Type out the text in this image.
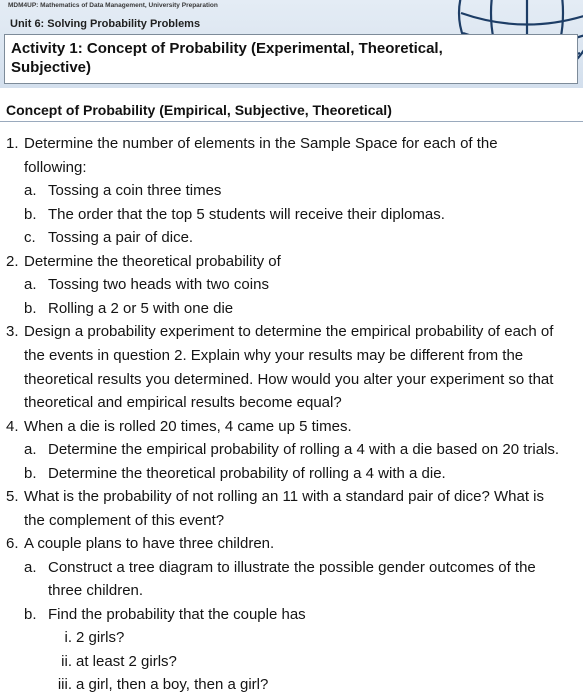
MDM4UP: Mathematics of Data Management, University Preparation
Unit 6: Solving Probability Problems
Activity 1: Concept of Probability (Experimental, Theoretical,
Subjective)
Concept of Probability (Empirical, Subjective, Theoretical)
1. Determine the number of elements in the Sample Space for each of the
following:
a. Tossing a coin three times
b. The order that the top 5 students will receive their diplomas.
c. Tossing a pair of dice.
2. Determine the theoretical probability of
a. Tossing two heads with two coins
b. Rolling a 2 or 5 with one die
3. Design a probability experiment to determine the empirical probability of each of
the events in question 2. Explain why your results may be different from the
theoretical results you determined. How would you alter your experiment so that
theoretical and empirical results become equal?
4. When a die is rolled 20 times, 4 came up 5 times.
a. Determine the empirical probability of rolling a 4 with a die based on 20 trials.
b. Determine the theoretical probability of rolling a 4 with a die.
5. What is the probability of not rolling an 11 with a standard pair of dice? What is
the complement of this event?
6. A couple plans to have three children.
a. Construct a tree diagram to illustrate the possible gender outcomes of the
three children.
b. Find the probability that the couple has
i. 2 girls?
ii. at least 2 girls?
iii. a girl, then a boy, then a girl?
